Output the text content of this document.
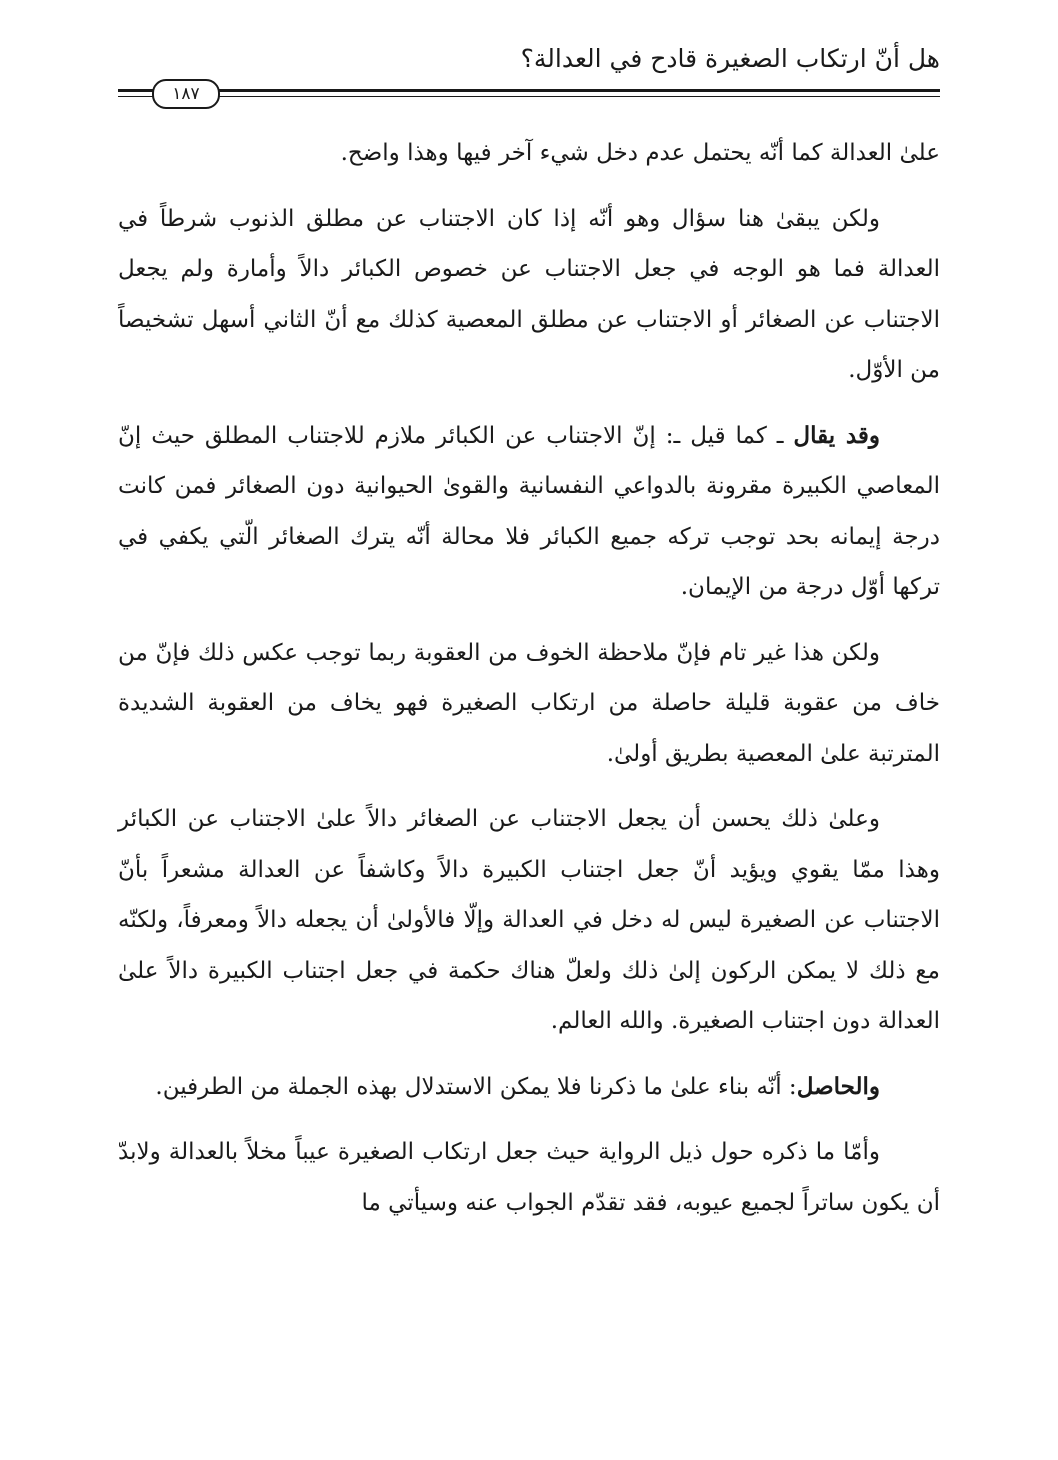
هل أنّ ارتكاب الصغيرة قادح في العدالة؟
١٨٧

علىٰ العدالة كما أنّه يحتمل عدم دخل شيء آخر فيها وهذا واضح.

ولكن يبقىٰ هنا سؤال وهو أنّه إذا كان الاجتناب عن مطلق الذنوب شرطاً في العدالة فما هو الوجه في جعل الاجتناب عن خصوص الكبائر دالاً وأمارة ولم يجعل الاجتناب عن الصغائر أو الاجتناب عن مطلق المعصية كذلك مع أنّ الثاني أسهل تشخيصاً من الأوّل.

وقد يقال ـ كما قيل ـ: إنّ الاجتناب عن الكبائر ملازم للاجتناب المطلق حيث إنّ المعاصي الكبيرة مقرونة بالدواعي النفسانية والقوىٰ الحيوانية دون الصغائر فمن كانت درجة إيمانه بحد توجب تركه جميع الكبائر فلا محالة أنّه يترك الصغائر الّتي يكفي في تركها أوّل درجة من الإيمان.

ولكن هذا غير تام فإنّ ملاحظة الخوف من العقوبة ربما توجب عكس ذلك فإنّ من خاف من عقوبة قليلة حاصلة من ارتكاب الصغيرة فهو يخاف من العقوبة الشديدة المترتبة علىٰ المعصية بطريق أولىٰ.

وعلىٰ ذلك يحسن أن يجعل الاجتناب عن الصغائر دالاً علىٰ الاجتناب عن الكبائر وهذا ممّا يقوي ويؤيد أنّ جعل اجتناب الكبيرة دالاً وكاشفاً عن العدالة مشعراً بأنّ الاجتناب عن الصغيرة ليس له دخل في العدالة وإلّا فالأولىٰ أن يجعله دالاً ومعرفاً، ولكنّه مع ذلك لا يمكن الركون إلىٰ ذلك ولعلّ هناك حكمة في جعل اجتناب الكبيرة دالاً علىٰ العدالة دون اجتناب الصغيرة. والله العالم.

والحاصل: أنّه بناء علىٰ ما ذكرنا فلا يمكن الاستدلال بهذه الجملة من الطرفين.

وأمّا ما ذكره حول ذيل الرواية حيث جعل ارتكاب الصغيرة عيباً مخلاً بالعدالة ولابدّ أن يكون ساتراً لجميع عيوبه، فقد تقدّم الجواب عنه وسيأتي ما
